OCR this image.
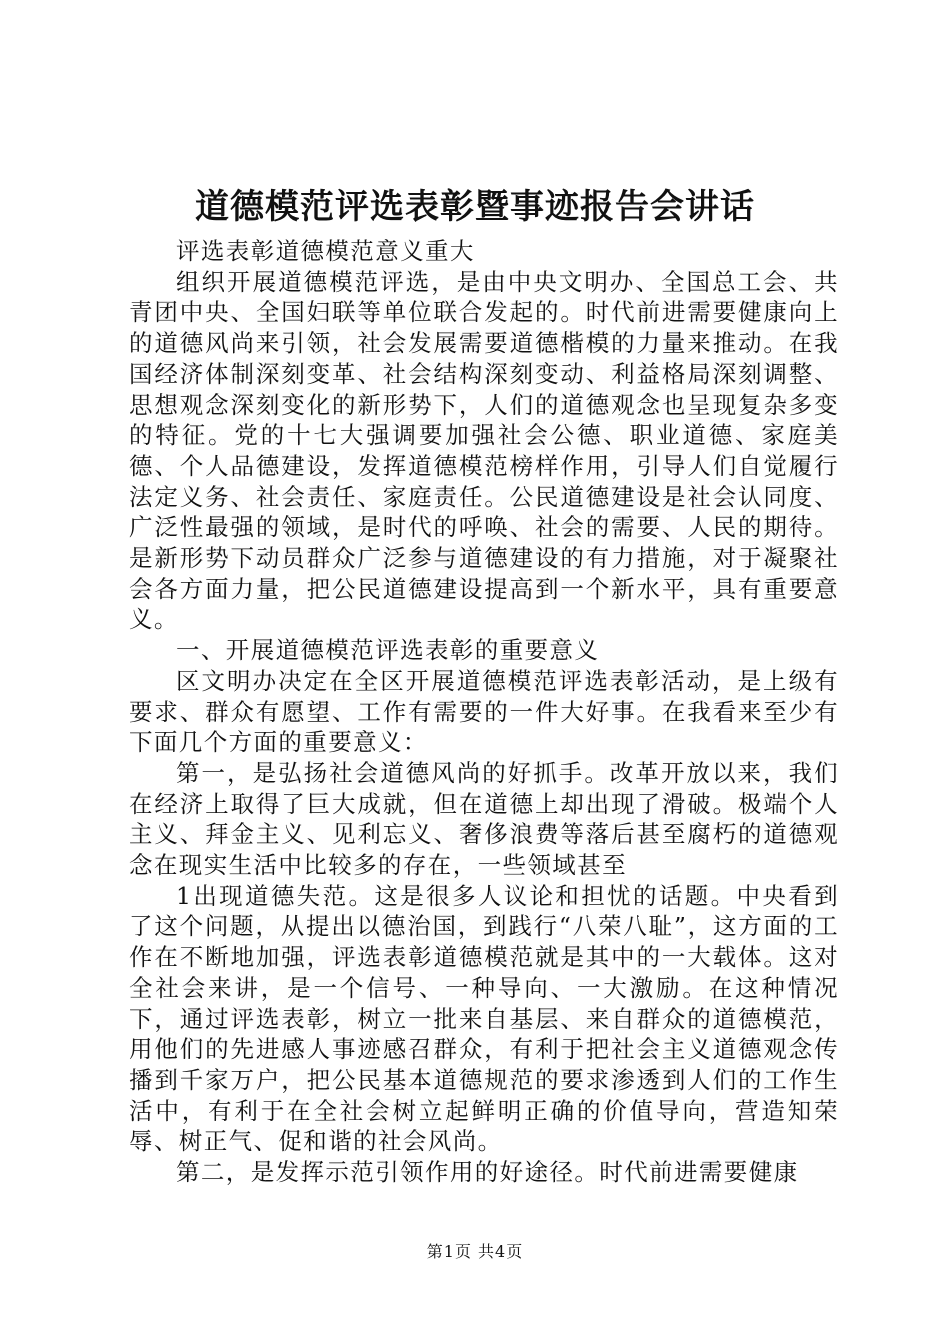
道德模范评选表彰暨事迹报告会讲话

评选表彰道德模范意义重大

组织开展道德模范评选，是由中央文明办、全国总工会、共青团中央、全国妇联等单位联合发起的。时代前进需要健康向上的道德风尚来引领，社会发展需要道德楷模的力量来推动。在我国经济体制深刻变革、社会结构深刻变动、利益格局深刻调整、思想观念深刻变化的新形势下，人们的道德观念也呈现复杂多变的特征。党的十七大强调要加强社会公德、职业道德、家庭美德、个人品德建设，发挥道德模范榜样作用，引导人们自觉履行法定义务、社会责任、家庭责任。公民道德建设是社会认同度、广泛性最强的领域，是时代的呼唤、社会的需要、人民的期待。是新形势下动员群众广泛参与道德建设的有力措施，对于凝聚社会各方面力量，把公民道德建设提高到一个新水平，具有重要意义。

一、开展道德模范评选表彰的重要意义

区文明办决定在全区开展道德模范评选表彰活动，是上级有要求、群众有愿望、工作有需要的一件大好事。在我看来至少有下面几个方面的重要意义：

第一，是弘扬社会道德风尚的好抓手。改革开放以来，我们在经济上取得了巨大成就，但在道德上却出现了滑破。极端个人主义、拜金主义、见利忘义、奢侈浪费等落后甚至腐朽的道德观念在现实生活中比较多的存在，一些领域甚至

1出现道德失范。这是很多人议论和担忧的话题。中央看到了这个问题，从提出以德治国，到践行“八荣八耻”，这方面的工作在不断地加强，评选表彰道德模范就是其中的一大载体。这对全社会来讲，是一个信号、一种导向、一大激励。在这种情况下，通过评选表彰，树立一批来自基层、来自群众的道德模范，用他们的先进感人事迹感召群众，有利于把社会主义道德观念传播到千家万户，把公民基本道德规范的要求渗透到人们的工作生活中，有利于在全社会树立起鲜明正确的价值导向，营造知荣辱、树正气、促和谐的社会风尚。

第二，是发挥示范引领作用的好途径。时代前进需要健康

第1页 共4页
